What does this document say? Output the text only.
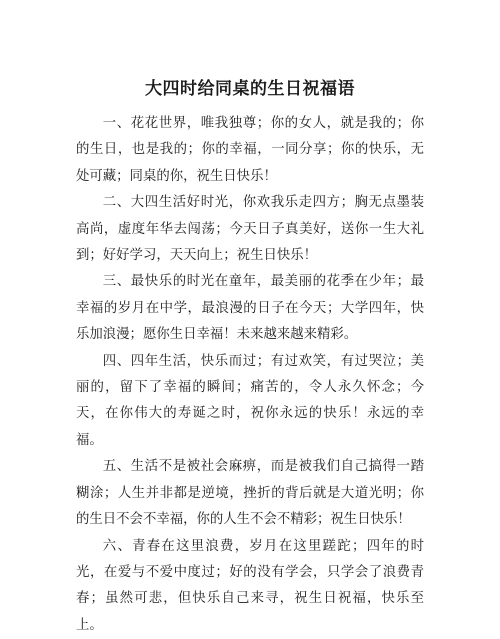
大四时给同桌的生日祝福语

一、花花世界，唯我独尊；你的女人，就是我的；你的生日，也是我的；你的幸福，一同分享；你的快乐，无处可藏；同桌的你，祝生日快乐！

二、大四生活好时光，你欢我乐走四方；胸无点墨装高尚，虚度年华去闯荡；今天日子真美好，送你一生大礼到；好好学习，天天向上；祝生日快乐！

三、最快乐的时光在童年，最美丽的花季在少年；最幸福的岁月在中学，最浪漫的日子在今天；大学四年，快乐加浪漫；愿你生日幸福！未来越来越来精彩。

四、四年生活，快乐而过；有过欢笑，有过哭泣；美丽的，留下了幸福的瞬间；痛苦的，令人永久怀念；今天，在你伟大的寿诞之时，祝你永远的快乐！永远的幸福。

五、生活不是被社会麻痹，而是被我们自己搞得一踏糊涂；人生并非都是逆境，挫折的背后就是大道光明；你的生日不会不幸福，你的人生不会不精彩；祝生日快乐！

六、青春在这里浪费，岁月在这里蹉跎；四年的时光，在爱与不爱中度过；好的没有学会，只学会了浪费青春；虽然可悲，但快乐自己来寻，祝生日祝福，快乐至上。
